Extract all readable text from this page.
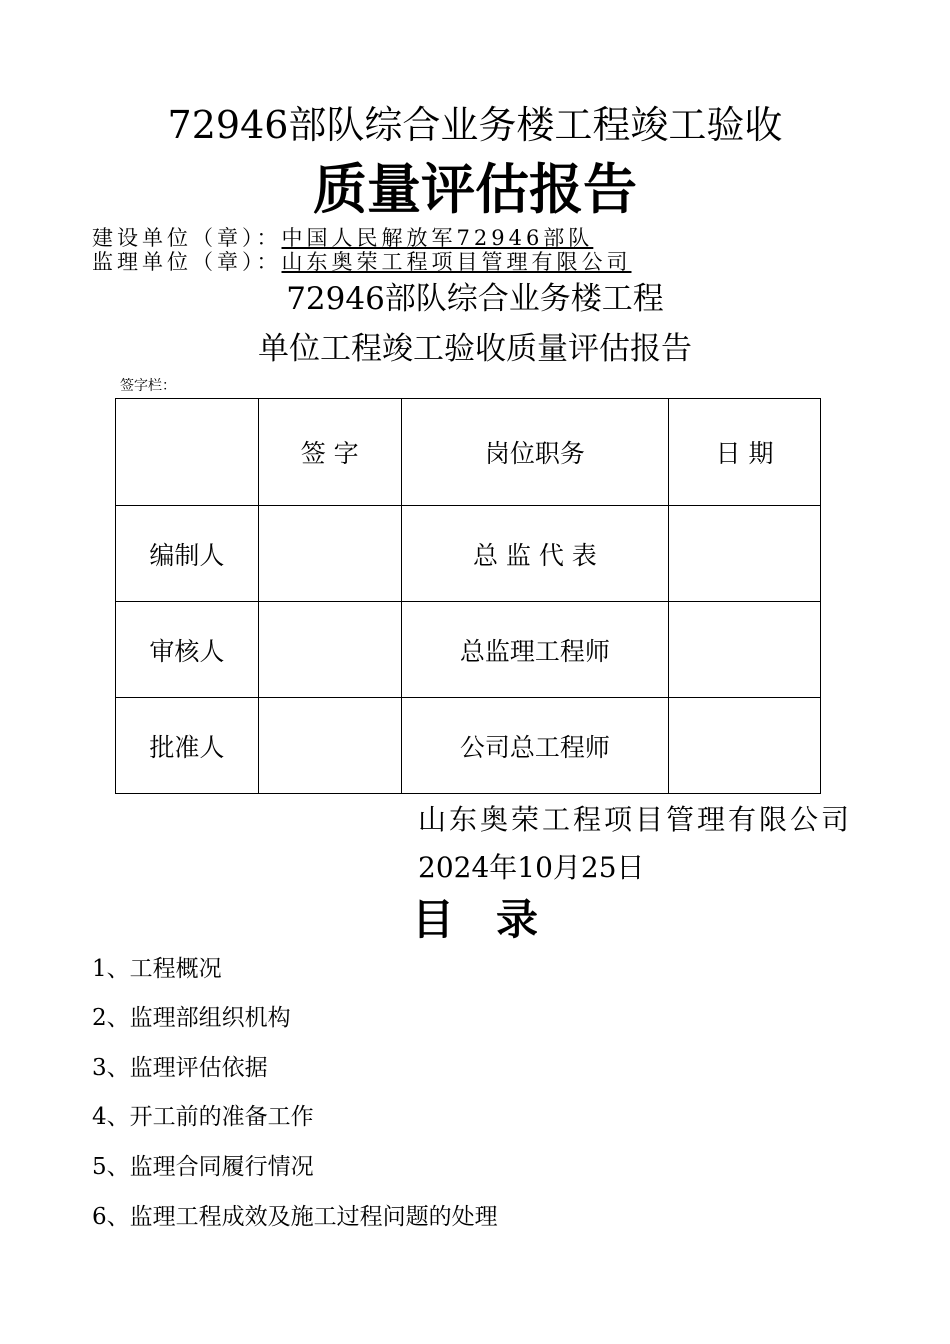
72946部队综合业务楼工程竣工验收
质量评估报告
建设单位（章）：中国人民解放军72946部队
监理单位（章）：山东奥荣工程项目管理有限公司
72946部队综合业务楼工程
单位工程竣工验收质量评估报告
签字栏：
	签 字	岗位职务	日 期
编制人		总 监 代 表	
审核人		总监理工程师	
批准人		公司总工程师	
山东奥荣工程项目管理有限公司
2024年10月25日
目　录
1、工程概况
2、监理部组织机构
3、监理评估依据
4、开工前的准备工作
5、监理合同履行情况
6、监理工程成效及施工过程问题的处理
